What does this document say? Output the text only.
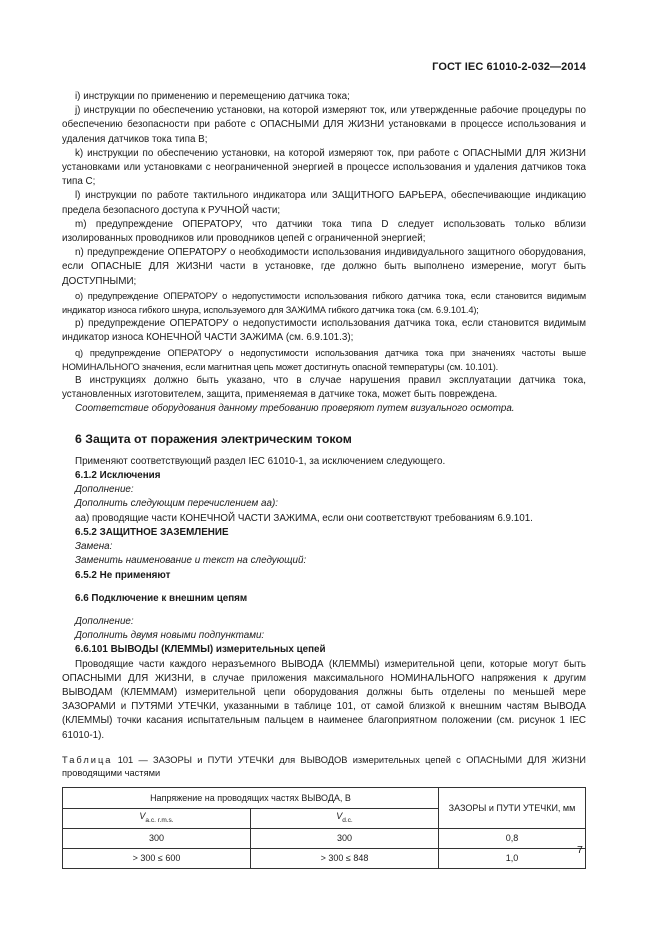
ГОСТ IEC 61010-2-032—2014

i) инструкции по применению и перемещению датчика тока;

j) инструкции по обеспечению установки, на которой измеряют ток, или утвержденные рабочие процедуры по обеспечению безопасности при работе с ОПАСНЫМИ ДЛЯ ЖИЗНИ установками в процессе использования и удаления датчиков тока типа B;

k) инструкции по обеспечению установки, на которой измеряют ток, при работе с ОПАСНЫМИ ДЛЯ ЖИЗНИ установками или установками с неограниченной энергией в процессе использования и удаления датчиков тока типа C;

l) инструкции по работе тактильного индикатора или ЗАЩИТНОГО БАРЬЕРА, обеспечивающие индикацию предела безопасного доступа к РУЧНОЙ части;

m) предупреждение ОПЕРАТОРУ, что датчики тока типа D следует использовать только вблизи изолированных проводников или проводников цепей с ограниченной энергией;

n) предупреждение ОПЕРАТОРУ о необходимости использования индивидуального защитного оборудования, если ОПАСНЫЕ ДЛЯ ЖИЗНИ части в установке, где должно быть выполнено измерение, могут быть ДОСТУПНЫМИ;

o) предупреждение ОПЕРАТОРУ о недопустимости использования гибкого датчика тока, если становится видимым индикатор износа гибкого шнура, используемого для ЗАЖИМА гибкого датчика тока (см. 6.9.101.4);

p) предупреждение ОПЕРАТОРУ о недопустимости использования датчика тока, если становится видимым индикатор износа КОНЕЧНОЙ ЧАСТИ ЗАЖИМА (см. 6.9.101.3);

q) предупреждение ОПЕРАТОРУ о недопустимости использования датчика тока при значениях частоты выше НОМИНАЛЬНОГО значения, если магнитная цепь может достигнуть опасной температуры (см. 10.101).

В инструкциях должно быть указано, что в случае нарушения правил эксплуатации датчика тока, установленных изготовителем, защита, применяемая в датчике тока, может быть повреждена.

Соответствие оборудования данному требованию проверяют путем визуального осмотра.

6 Защита от поражения электрическим током

Применяют соответствующий раздел IEC 61010-1, за исключением следующего.

6.1.2 Исключения

Дополнение:

Дополнить следующим перечислением аа):

аа) проводящие части КОНЕЧНОЙ ЧАСТИ ЗАЖИМА, если они соответствуют требованиям 6.9.101.

6.5.2 ЗАЩИТНОЕ ЗАЗЕМЛЕНИЕ

Замена:

Заменить наименование и текст на следующий:

6.5.2 Не применяют

6.6 Подключение к внешним цепям

Дополнение:

Дополнить двумя новыми подпунктами:

6.6.101 ВЫВОДЫ (КЛЕММЫ) измерительных цепей

Проводящие части каждого неразъемного ВЫВОДА (КЛЕММЫ) измерительной цепи, которые могут быть ОПАСНЫМИ ДЛЯ ЖИЗНИ, в случае приложения максимального НОМИНАЛЬНОГО напряжения к другим ВЫВОДАМ (КЛЕММАМ) измерительной цепи оборудования должны быть отделены по меньшей мере ЗАЗОРАМИ и ПУТЯМИ УТЕЧКИ, указанными в таблице 101, от самой близкой к внешним частям ВЫВОДА (КЛЕММЫ) точки касания испытательным пальцем в наименее благоприятном положении (см. рисунок 1 IEC 61010-1).

Таблица 101 — ЗАЗОРЫ и ПУТИ УТЕЧКИ для ВЫВОДОВ измерительных цепей с ОПАСНЫМИ ДЛЯ ЖИЗНИ проводящими частями

Напряжение на проводящих частях ВЫВОДА, В		ЗАЗОРЫ и ПУТИ УТЕЧКИ, мм
$V_{a.c. r.m.s.}$	$V_{d.c.}$
300	300	0,8
> 300 ≤ 600	> 300 ≤ 848	1,0
7
